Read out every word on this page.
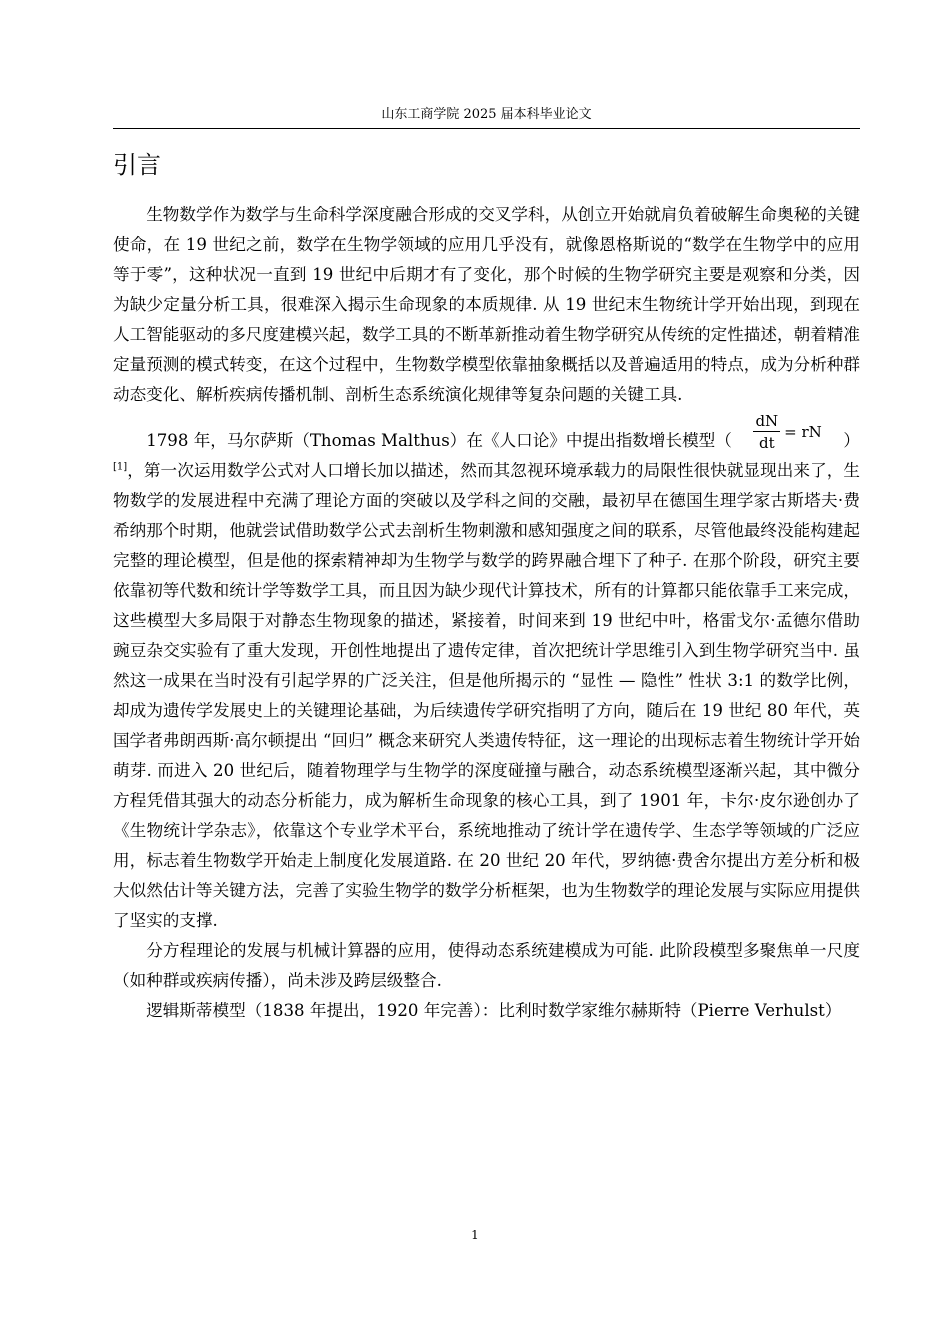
山东工商学院 2025 届本科毕业论文
引言

生物数学作为数学与生命科学深度融合形成的交叉学科，从创立开始就肩负着破解生命奥秘的关键使命，在 19 世纪之前，数学在生物学领域的应用几乎没有，就像恩格斯说的“数学在生物学中的应用等于零”，这种状况一直到 19 世纪中后期才有了变化，那个时候的生物学研究主要是观察和分类，因为缺少定量分析工具，很难深入揭示生命现象的本质规律. 从 19 世纪末生物统计学开始出现，到现在人工智能驱动的多尺度建模兴起，数学工具的不断革新推动着生物学研究从传统的定性描述，朝着精准定量预测的模式转变，在这个过程中，生物数学模型依靠抽象概括以及普遍适用的特点，成为分析种群动态变化、解析疾病传播机制、剖析生态系统演化规律等复杂问题的关键工具.

1798 年，马尔萨斯（Thomas Malthus）在《人口论》中提出指数增长模型（ $\frac{dN}{dt}$ = rN ）

[1]，第一次运用数学公式对人口增长加以描述，然而其忽视环境承载力的局限性很快就显现出来了，生物数学的发展进程中充满了理论方面的突破以及学科之间的交融，最初早在德国生理学家古斯塔夫·费希纳那个时期，他就尝试借助数学公式去剖析生物刺激和感知强度之间的联系，尽管他最终没能构建起完整的理论模型，但是他的探索精神却为生物学与数学的跨界融合埋下了种子. 在那个阶段，研究主要依靠初等代数和统计学等数学工具，而且因为缺少现代计算技术，所有的计算都只能依靠手工来完成，这些模型大多局限于对静态生物现象的描述，紧接着，时间来到 19 世纪中叶，格雷戈尔·孟德尔借助豌豆杂交实验有了重大发现，开创性地提出了遗传定律，首次把统计学思维引入到生物学研究当中. 虽然这一成果在当时没有引起学界的广泛关注，但是他所揭示的 “显性 — 隐性” 性状 3:1 的数学比例，却成为遗传学发展史上的关键理论基础，为后续遗传学研究指明了方向，随后在 19 世纪 80 年代，英国学者弗朗西斯·高尔顿提出 “回归” 概念来研究人类遗传特征，这一理论的出现标志着生物统计学开始萌芽. 而进入 20 世纪后，随着物理学与生物学的深度碰撞与融合，动态系统模型逐渐兴起，其中微分方程凭借其强大的动态分析能力，成为解析生命现象的核心工具，到了 1901 年，卡尔·皮尔逊创办了《生物统计学杂志》，依靠这个专业学术平台，系统地推动了统计学在遗传学、生态学等领域的广泛应用，标志着生物数学开始走上制度化发展道路. 在 20 世纪 20 年代，罗纳德·费舍尔提出方差分析和极大似然估计等关键方法，完善了实验生物学的数学分析框架，也为生物数学的理论发展与实际应用提供了坚实的支撑.

分方程理论的发展与机械计算器的应用，使得动态系统建模成为可能. 此阶段模型多聚焦单一尺度（如种群或疾病传播），尚未涉及跨层级整合.

逻辑斯蒂模型（1838 年提出，1920 年完善）：比利时数学家维尔赫斯特（Pierre Verhulst）

1
